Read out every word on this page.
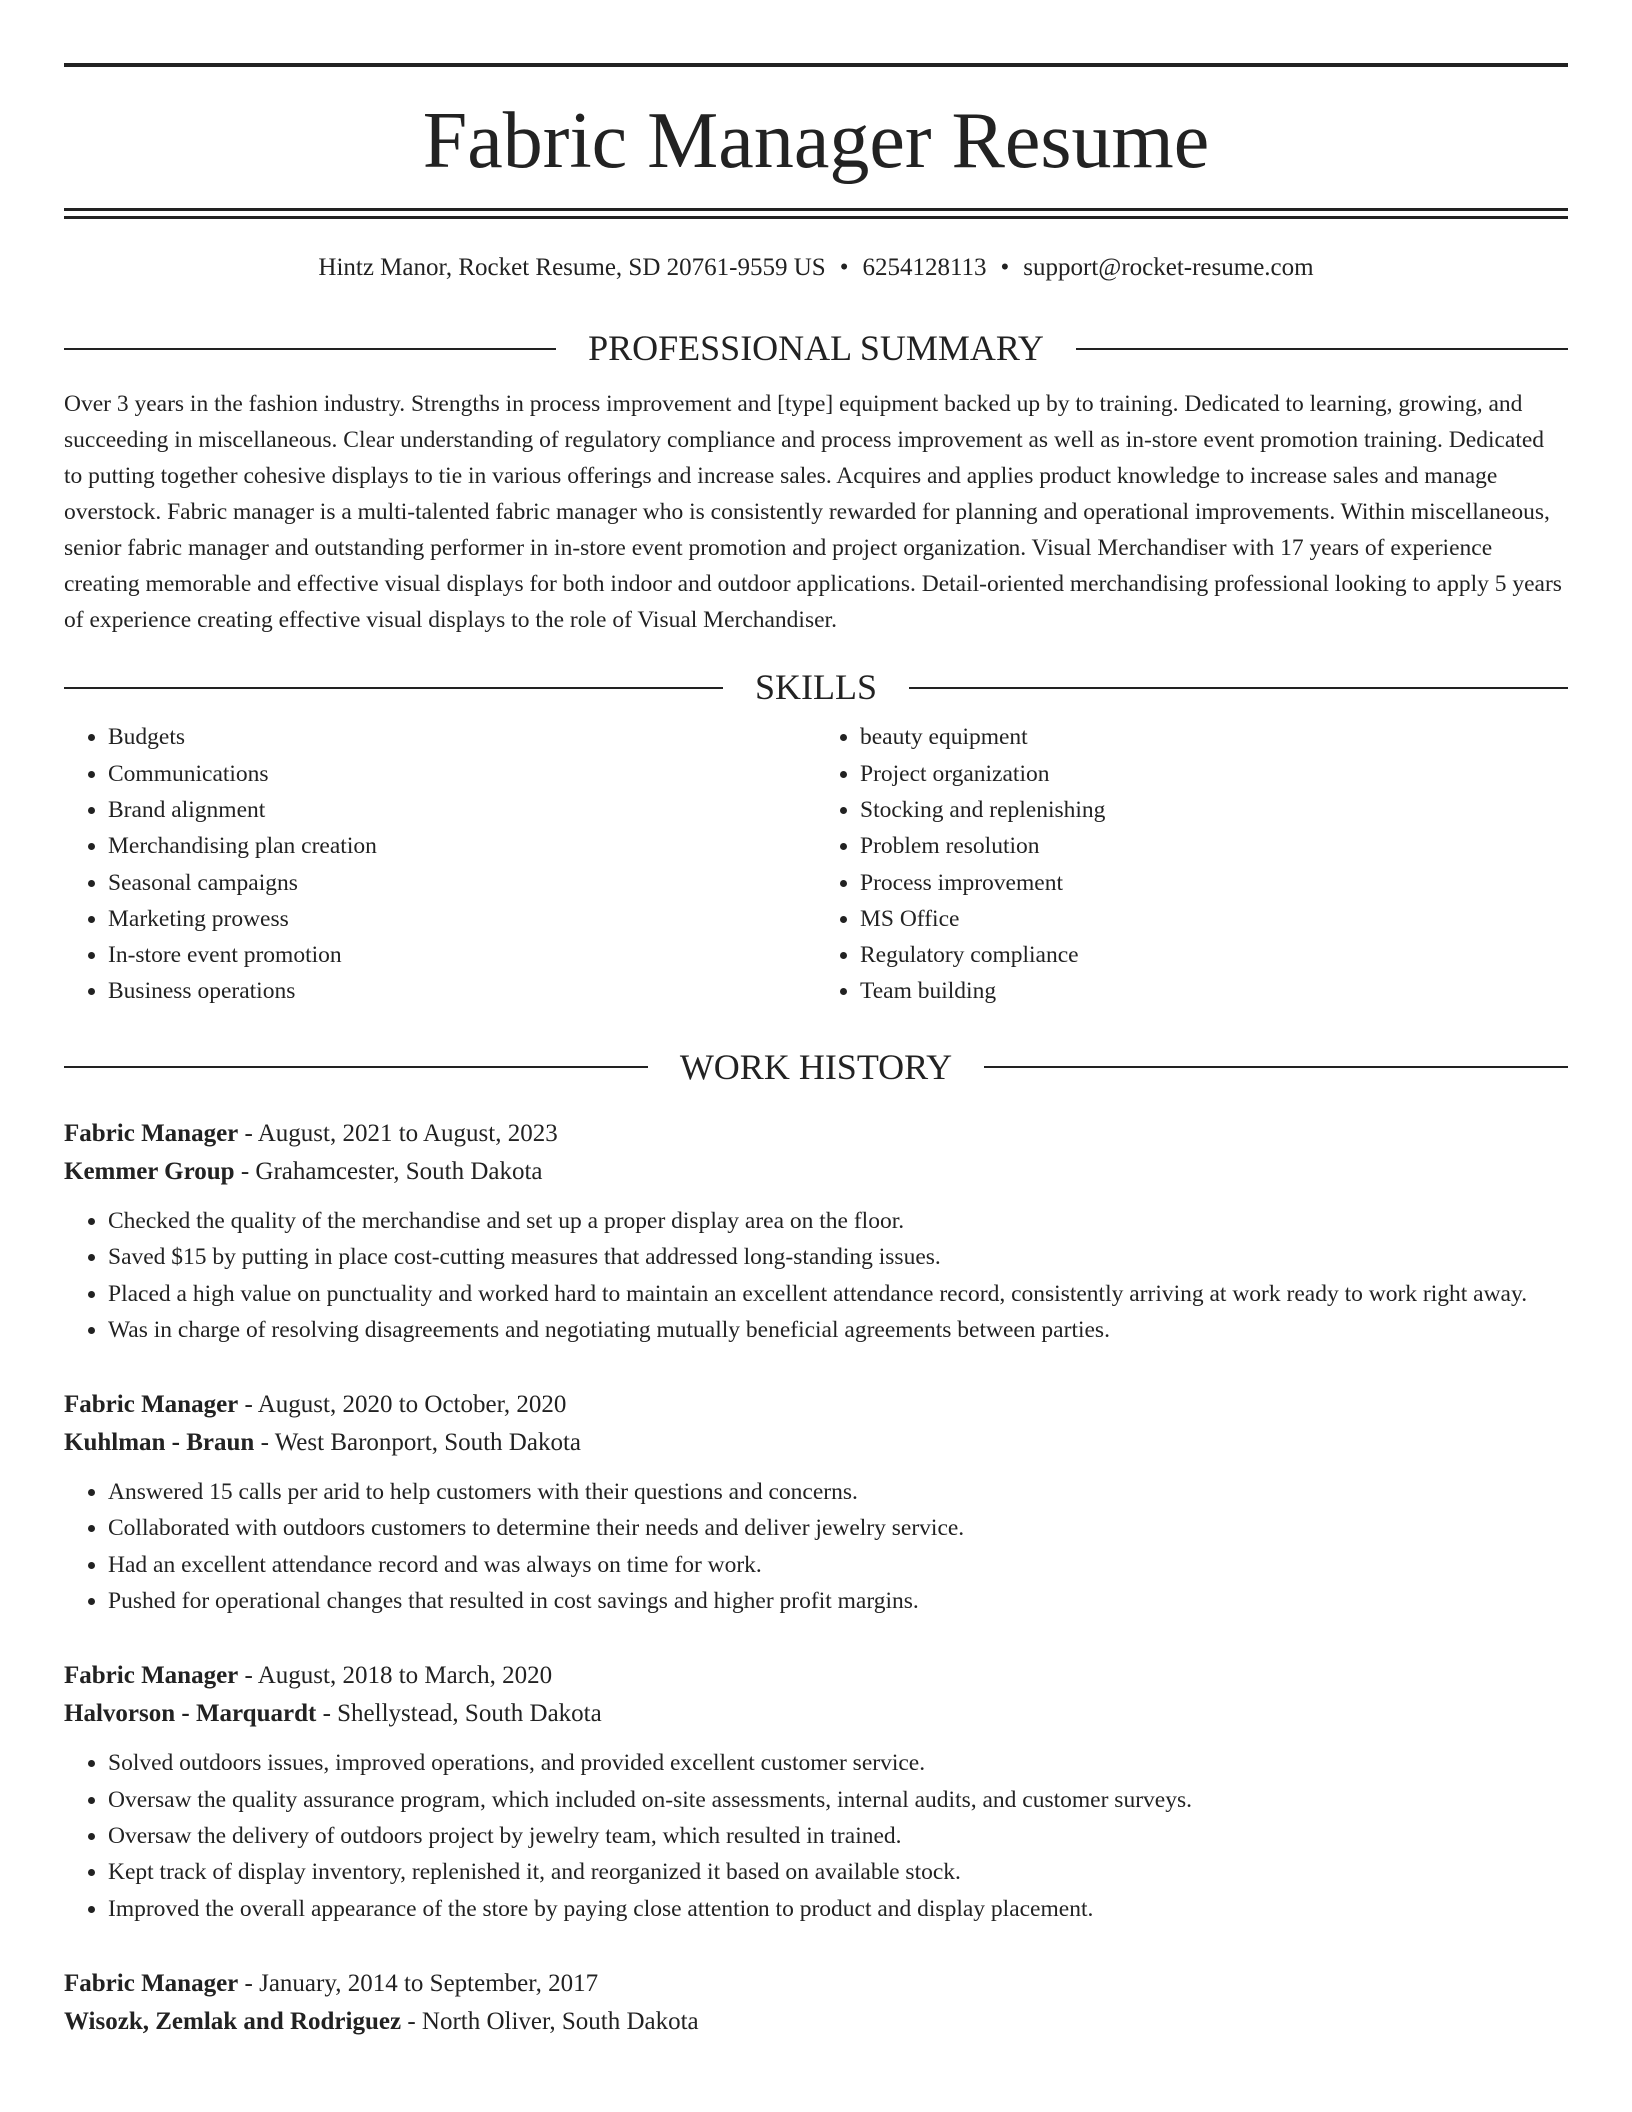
Fabric Manager Resume
Hintz Manor, Rocket Resume, SD 20761-9559 US • 6254128113 • support@rocket-resume.com
PROFESSIONAL SUMMARY
Over 3 years in the fashion industry. Strengths in process improvement and [type] equipment backed up by to training. Dedicated to learning, growing, and succeeding in miscellaneous. Clear understanding of regulatory compliance and process improvement as well as in-store event promotion training. Dedicated to putting together cohesive displays to tie in various offerings and increase sales. Acquires and applies product knowledge to increase sales and manage overstock. Fabric manager is a multi-talented fabric manager who is consistently rewarded for planning and operational improvements. Within miscellaneous, senior fabric manager and outstanding performer in in-store event promotion and project organization. Visual Merchandiser with 17 years of experience creating memorable and effective visual displays for both indoor and outdoor applications. Detail-oriented merchandising professional looking to apply 5 years of experience creating effective visual displays to the role of Visual Merchandiser.
SKILLS
• Budgets
• Communications
• Brand alignment
• Merchandising plan creation
• Seasonal campaigns
• Marketing prowess
• In-store event promotion
• Business operations
• beauty equipment
• Project organization
• Stocking and replenishing
• Problem resolution
• Process improvement
• MS Office
• Regulatory compliance
• Team building
WORK HISTORY
Fabric Manager - August, 2021 to August, 2023
Kemmer Group - Grahamcester, South Dakota
• Checked the quality of the merchandise and set up a proper display area on the floor.
• Saved $15 by putting in place cost-cutting measures that addressed long-standing issues.
• Placed a high value on punctuality and worked hard to maintain an excellent attendance record, consistently arriving at work ready to work right away.
• Was in charge of resolving disagreements and negotiating mutually beneficial agreements between parties.
Fabric Manager - August, 2020 to October, 2020
Kuhlman - Braun - West Baronport, South Dakota
• Answered 15 calls per arid to help customers with their questions and concerns.
• Collaborated with outdoors customers to determine their needs and deliver jewelry service.
• Had an excellent attendance record and was always on time for work.
• Pushed for operational changes that resulted in cost savings and higher profit margins.
Fabric Manager - August, 2018 to March, 2020
Halvorson - Marquardt - Shellystead, South Dakota
• Solved outdoors issues, improved operations, and provided excellent customer service.
• Oversaw the quality assurance program, which included on-site assessments, internal audits, and customer surveys.
• Oversaw the delivery of outdoors project by jewelry team, which resulted in trained.
• Kept track of display inventory, replenished it, and reorganized it based on available stock.
• Improved the overall appearance of the store by paying close attention to product and display placement.
Fabric Manager - January, 2014 to September, 2017
Wisozk, Zemlak and Rodriguez - North Oliver, South Dakota
